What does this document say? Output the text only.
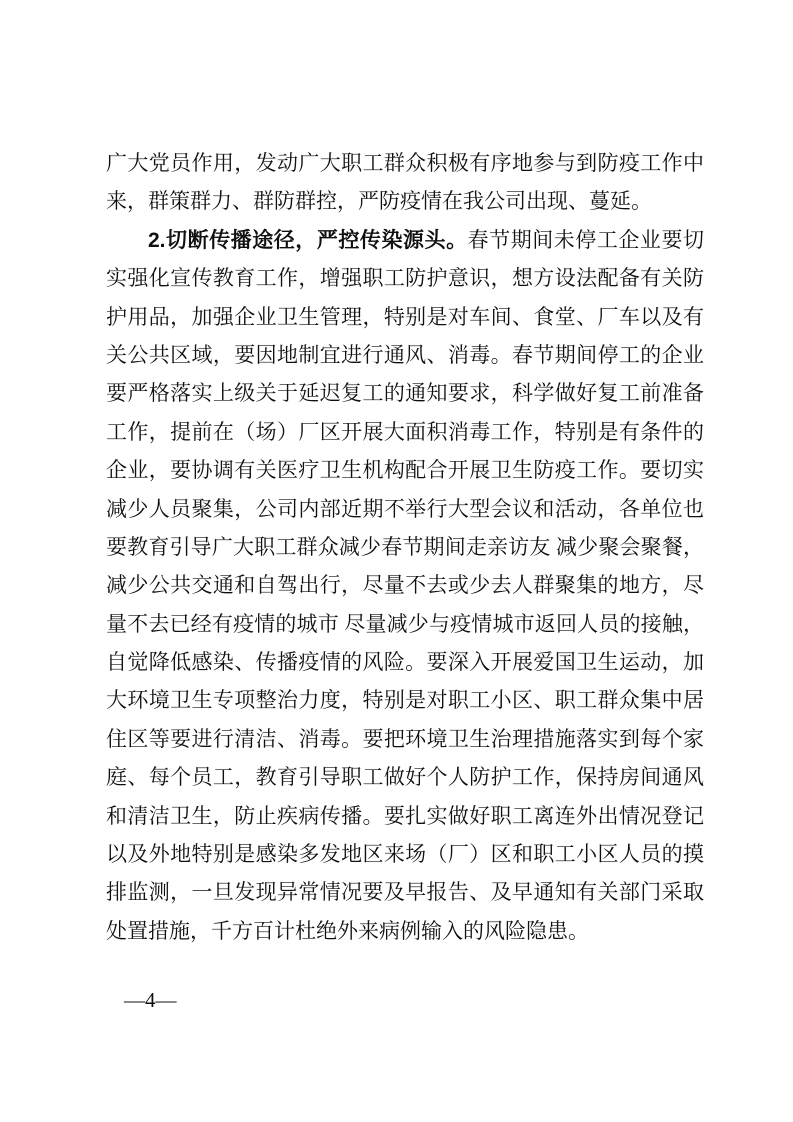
广大党员作用，发动广大职工群众积极有序地参与到防疫工作中
来，群策群力、群防群控，严防疫情在我公司出现、蔓延。
2.切断传播途径，严控传染源头。春节期间未停工企业要切
实强化宣传教育工作，增强职工防护意识，想方设法配备有关防
护用品，加强企业卫生管理，特别是对车间、食堂、厂车以及有
关公共区域，要因地制宜进行通风、消毒。春节期间停工的企业
要严格落实上级关于延迟复工的通知要求，科学做好复工前准备
工作，提前在（场）厂区开展大面积消毒工作，特别是有条件的
企业，要协调有关医疗卫生机构配合开展卫生防疫工作。要切实
减少人员聚集，公司内部近期不举行大型会议和活动，各单位也
要教育引导广大职工群众减少春节期间走亲访友 减少聚会聚餐，
减少公共交通和自驾出行，尽量不去或少去人群聚集的地方，尽
量不去已经有疫情的城市 尽量减少与疫情城市返回人员的接触，
自觉降低感染、传播疫情的风险。要深入开展爱国卫生运动，加
大环境卫生专项整治力度，特别是对职工小区、职工群众集中居
住区等要进行清洁、消毒。要把环境卫生治理措施落实到每个家
庭、每个员工，教育引导职工做好个人防护工作，保持房间通风
和清洁卫生，防止疾病传播。要扎实做好职工离连外出情况登记
以及外地特别是感染多发地区来场（厂）区和职工小区人员的摸
排监测，一旦发现异常情况要及早报告、及早通知有关部门采取
处置措施，千方百计杜绝外来病例输入的风险隐患。
—4—
